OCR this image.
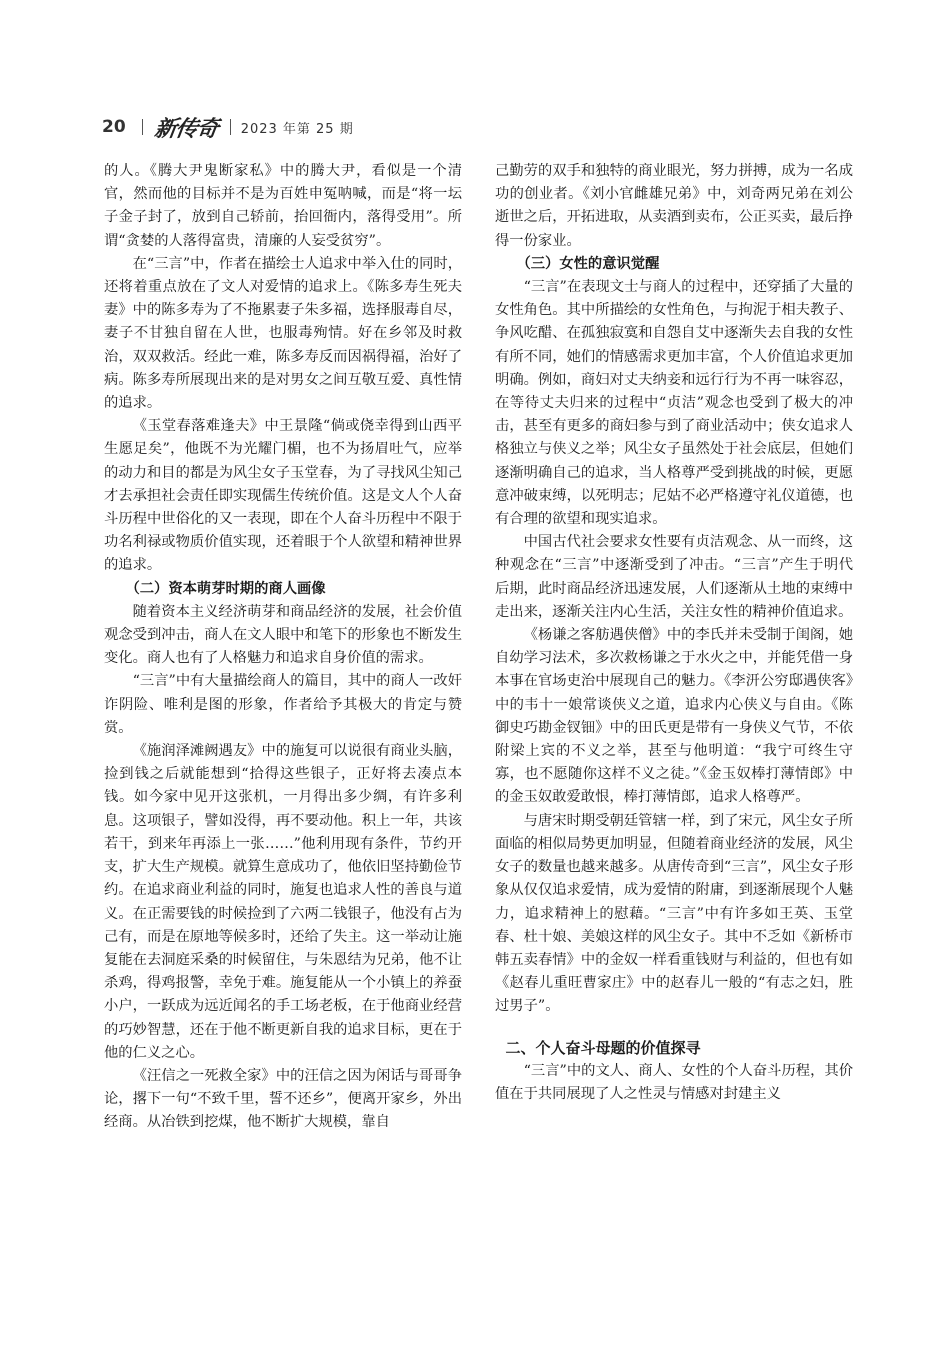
20 新传奇 2023 年第 25 期

的人。《腾大尹鬼断家私》中的腾大尹，看似是一个清官，然而他的目标并不是为百姓申冤呐喊，而是“将一坛子金子封了，放到自己轿前，抬回衙内，落得受用”。所谓“贪婪的人落得富贵，清廉的人妄受贫穷”。

在“三言”中，作者在描绘士人追求中举入仕的同时，还将着重点放在了文人对爱情的追求上。《陈多寿生死夫妻》中的陈多寿为了不拖累妻子朱多福，选择服毒自尽，妻子不甘独自留在人世，也服毒殉情。好在乡邻及时救治，双双救活。经此一难，陈多寿反而因祸得福，治好了病。陈多寿所展现出来的是对男女之间互敬互爱、真性情的追求。

《玉堂春落难逢夫》中王景隆“倘或侥幸得到山西平生愿足矣”，他既不为光耀门楣，也不为扬眉吐气，应举的动力和目的都是为风尘女子玉堂春，为了寻找风尘知己才去承担社会责任即实现儒生传统价值。这是文人个人奋斗历程中世俗化的又一表现，即在个人奋斗历程中不限于功名利禄或物质价值实现，还着眼于个人欲望和精神世界的追求。

（二）资本萌芽时期的商人画像

随着资本主义经济萌芽和商品经济的发展，社会价值观念受到冲击，商人在文人眼中和笔下的形象也不断发生变化。商人也有了人格魅力和追求自身价值的需求。

“三言”中有大量描绘商人的篇目，其中的商人一改奸诈阴险、唯利是图的形象，作者给予其极大的肯定与赞赏。

《施润泽滩阙遇友》中的施复可以说很有商业头脑，捡到钱之后就能想到“拾得这些银子，正好将去凑点本钱。如今家中见开这张机，一月得出多少绸，有许多利息。这项银子，譬如没得，再不要动他。积上一年，共该若干，到来年再添上一张……”他利用现有条件，节约开支，扩大生产规模。就算生意成功了，他依旧坚持勤俭节约。在追求商业利益的同时，施复也追求人性的善良与道义。在正需要钱的时候捡到了六两二钱银子，他没有占为己有，而是在原地等候多时，还给了失主。这一举动让施复能在去洞庭采桑的时候留住，与朱恩结为兄弟，他不让杀鸡，得鸡报警，幸免于难。施复能从一个小镇上的养蚕小户，一跃成为远近闻名的手工场老板，在于他商业经营的巧妙智慧，还在于他不断更新自我的追求目标，更在于他的仁义之心。

《汪信之一死救全家》中的汪信之因为闲话与哥哥争论，撂下一句“不致千里，誓不还乡”，便离开家乡，外出经商。从冶铁到挖煤，他不断扩大规模，靠自

己勤劳的双手和独特的商业眼光，努力拼搏，成为一名成功的创业者。《刘小官雌雄兄弟》中，刘奇两兄弟在刘公逝世之后，开拓进取，从卖酒到卖布，公正买卖，最后挣得一份家业。

（三）女性的意识觉醒

“三言”在表现文士与商人的过程中，还穿插了大量的女性角色。其中所描绘的女性角色，与拘泥于相夫教子、争风吃醋、在孤独寂寞和自怨自艾中逐渐失去自我的女性有所不同，她们的情感需求更加丰富，个人价值追求更加明确。例如，商妇对丈夫纳妾和远行行为不再一味容忍，在等待丈夫归来的过程中“贞洁”观念也受到了极大的冲击，甚至有更多的商妇参与到了商业活动中；侠女追求人格独立与侠义之举；风尘女子虽然处于社会底层，但她们逐渐明确自己的追求，当人格尊严受到挑战的时候，更愿意冲破束缚，以死明志；尼姑不必严格遵守礼仪道德，也有合理的欲望和现实追求。

中国古代社会要求女性要有贞洁观念、从一而终，这种观念在“三言”中逐渐受到了冲击。“三言”产生于明代后期，此时商品经济迅速发展，人们逐渐从土地的束缚中走出来，逐渐关注内心生活，关注女性的精神价值追求。

《杨谦之客舫遇侠僧》中的李氏并未受制于闺阁，她自幼学习法术，多次救杨谦之于水火之中，并能凭借一身本事在官场吏治中展现自己的魅力。《李汧公穷邸遇侠客》中的韦十一娘常谈侠义之道，追求内心侠义与自由。《陈御史巧勘金钗钿》中的田氏更是带有一身侠义气节，不依附梁上宾的不义之举，甚至与他明道：“我宁可终生守寡，也不愿随你这样不义之徒。”《金玉奴棒打薄情郎》中的金玉奴敢爱敢恨，棒打薄情郎，追求人格尊严。

与唐宋时期受朝廷管辖一样，到了宋元，风尘女子所面临的相似局势更加明显，但随着商业经济的发展，风尘女子的数量也越来越多。从唐传奇到“三言”，风尘女子形象从仅仅追求爱情，成为爱情的附庸，到逐渐展现个人魅力，追求精神上的慰藉。“三言”中有许多如王英、玉堂春、杜十娘、美娘这样的风尘女子。其中不乏如《新桥市韩五卖春情》中的金奴一样看重钱财与利益的，但也有如《赵春儿重旺曹家庄》中的赵春儿一般的“有志之妇，胜过男子”。

二、个人奋斗母题的价值探寻

“三言”中的文人、商人、女性的个人奋斗历程，其价值在于共同展现了人之性灵与情感对封建主义
